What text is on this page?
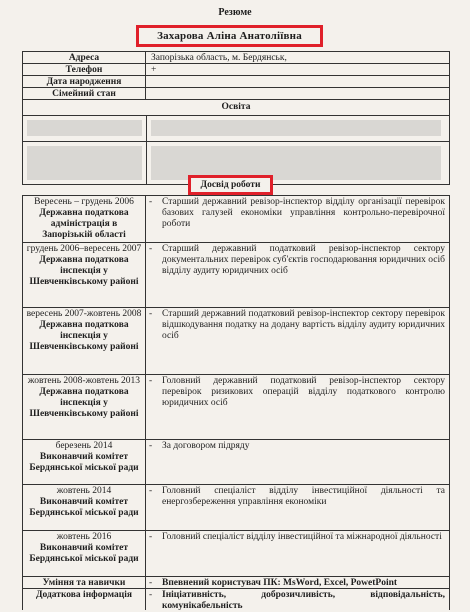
Резюме
Захарова Аліна Анатоліївна
Адреса	Запорізька область, м. Бердянськ,
Телефон	+
Дата народження
Сімейний стан
Освіта
Досвід роботи
Вересень – грудень 2006
Державна податкова адміністрація в Запорізькій області
- Старший державний ревізор-інспектор відділу організації перевірок базових галузей економіки управління контрольно-перевірочної роботи
грудень 2006–вересень 2007
Державна податкова інспекція у Шевченківському районі
- Старший державний податковий ревізор-інспектор сектору документальних перевірок суб'єктів господарювання юридичних осіб відділу аудиту юридичних осіб
вересень 2007-жовтень 2008
Державна податкова інспекція у Шевченківському районі
- Старший державний податковий ревізор-інспектор сектору перевірок відшкодування податку на додану вартість відділу аудиту юридичних осіб
жовтень 2008-жовтень 2013
Державна податкова інспекція у Шевченківському районі
- Головний державний податковий ревізор-інспектор сектору перевірок ризикових операцій відділу податкового контролю юридичних осіб
березень 2014
Виконавчий комітет Бердянської міської ради
- За договором підряду
жовтень 2014
Виконавчий комітет Бердянської міської ради
- Головний спеціаліст відділу інвестиційної діяльності та енергозбереження управління економіки
жовтень 2016
Виконавчий комітет Бердянської міської ради
- Головний спеціаліст відділу інвестиційної та міжнародної діяльності
Уміння та навички	- Впевнений користувач ПК: MsWord, Excel, PowetPoint
Додаткова інформація	- Ініціативність, доброзичливість, відповідальність, комунікабельність
